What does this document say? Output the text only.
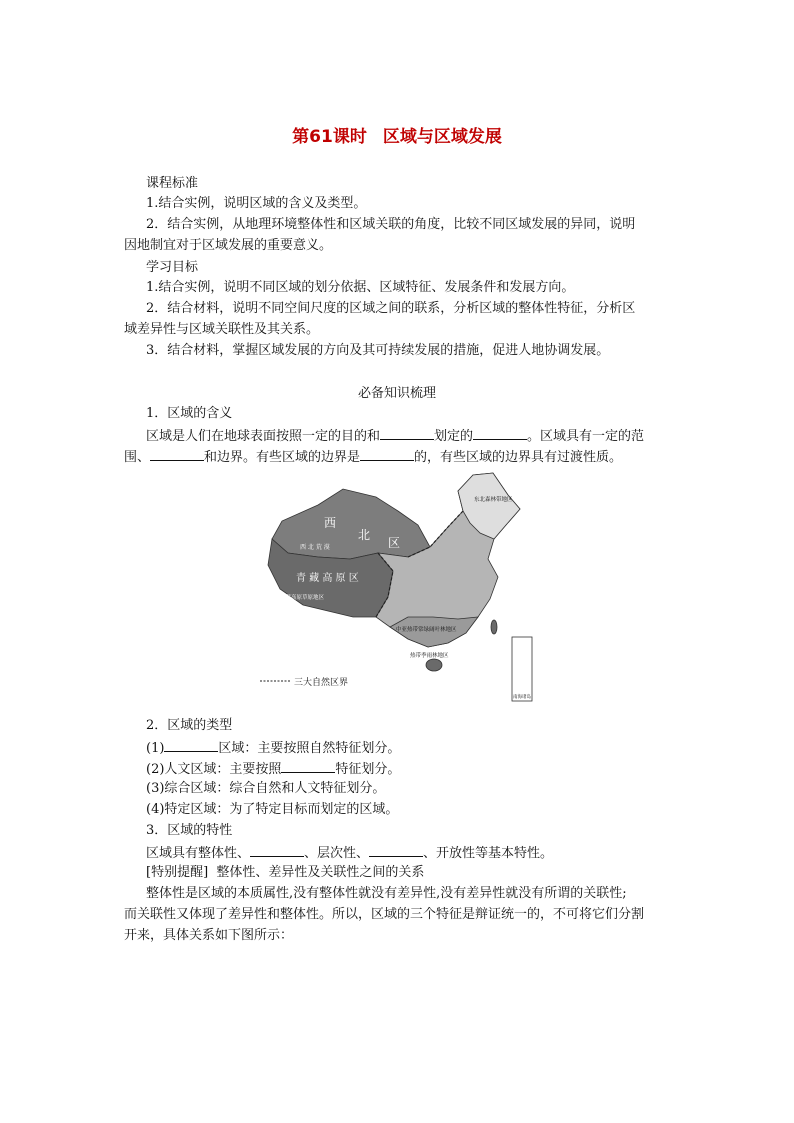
第61课时 区域与区域发展
课程标准
1.结合实例，说明区域的含义及类型。
2．结合实例，从地理环境整体性和区域关联的角度，比较不同区域发展的异同，说明
因地制宜对于区域发展的重要意义。
学习目标
1.结合实例，说明不同区域的划分依据、区域特征、发展条件和发展方向。
2．结合材料，说明不同空间尺度的区域之间的联系，分析区域的整体性特征，分析区
域差异性与区域关联性及其关系。
3．结合材料，掌握区域发展的方向及其可持续发展的措施，促进人地协调发展。
必备知识梳理
1．区域的含义
区域是人们在地球表面按照一定的目的和	划定的	。区域具有一定的范
围、	和边界。有些区域的边界是	的，有些区域的边界具有过渡性质。
南海诸岛
西
北
区
西 北 荒 漠
青 藏 高 原 区
青藏高原草原地区
东北森林带地区
中亚热带常绿阔叶林地区
热带季雨林地区
三大自然区界
2．区域的类型
(1)	区域：主要按照自然特征划分。
(2)人文区域：主要按照	特征划分。
(3)综合区域：综合自然和人文特征划分。
(4)特定区域：为了特定目标而划定的区域。
3．区域的特性
区域具有整体性、	、层次性、	、开放性等基本特性。
[特别提醒] 整体性、差异性及关联性之间的关系
整体性是区域的本质属性,没有整体性就没有差异性,没有差异性就没有所谓的关联性;
而关联性又体现了差异性和整体性。所以，区域的三个特征是辩证统一的，不可将它们分割
开来，具体关系如下图所示：
